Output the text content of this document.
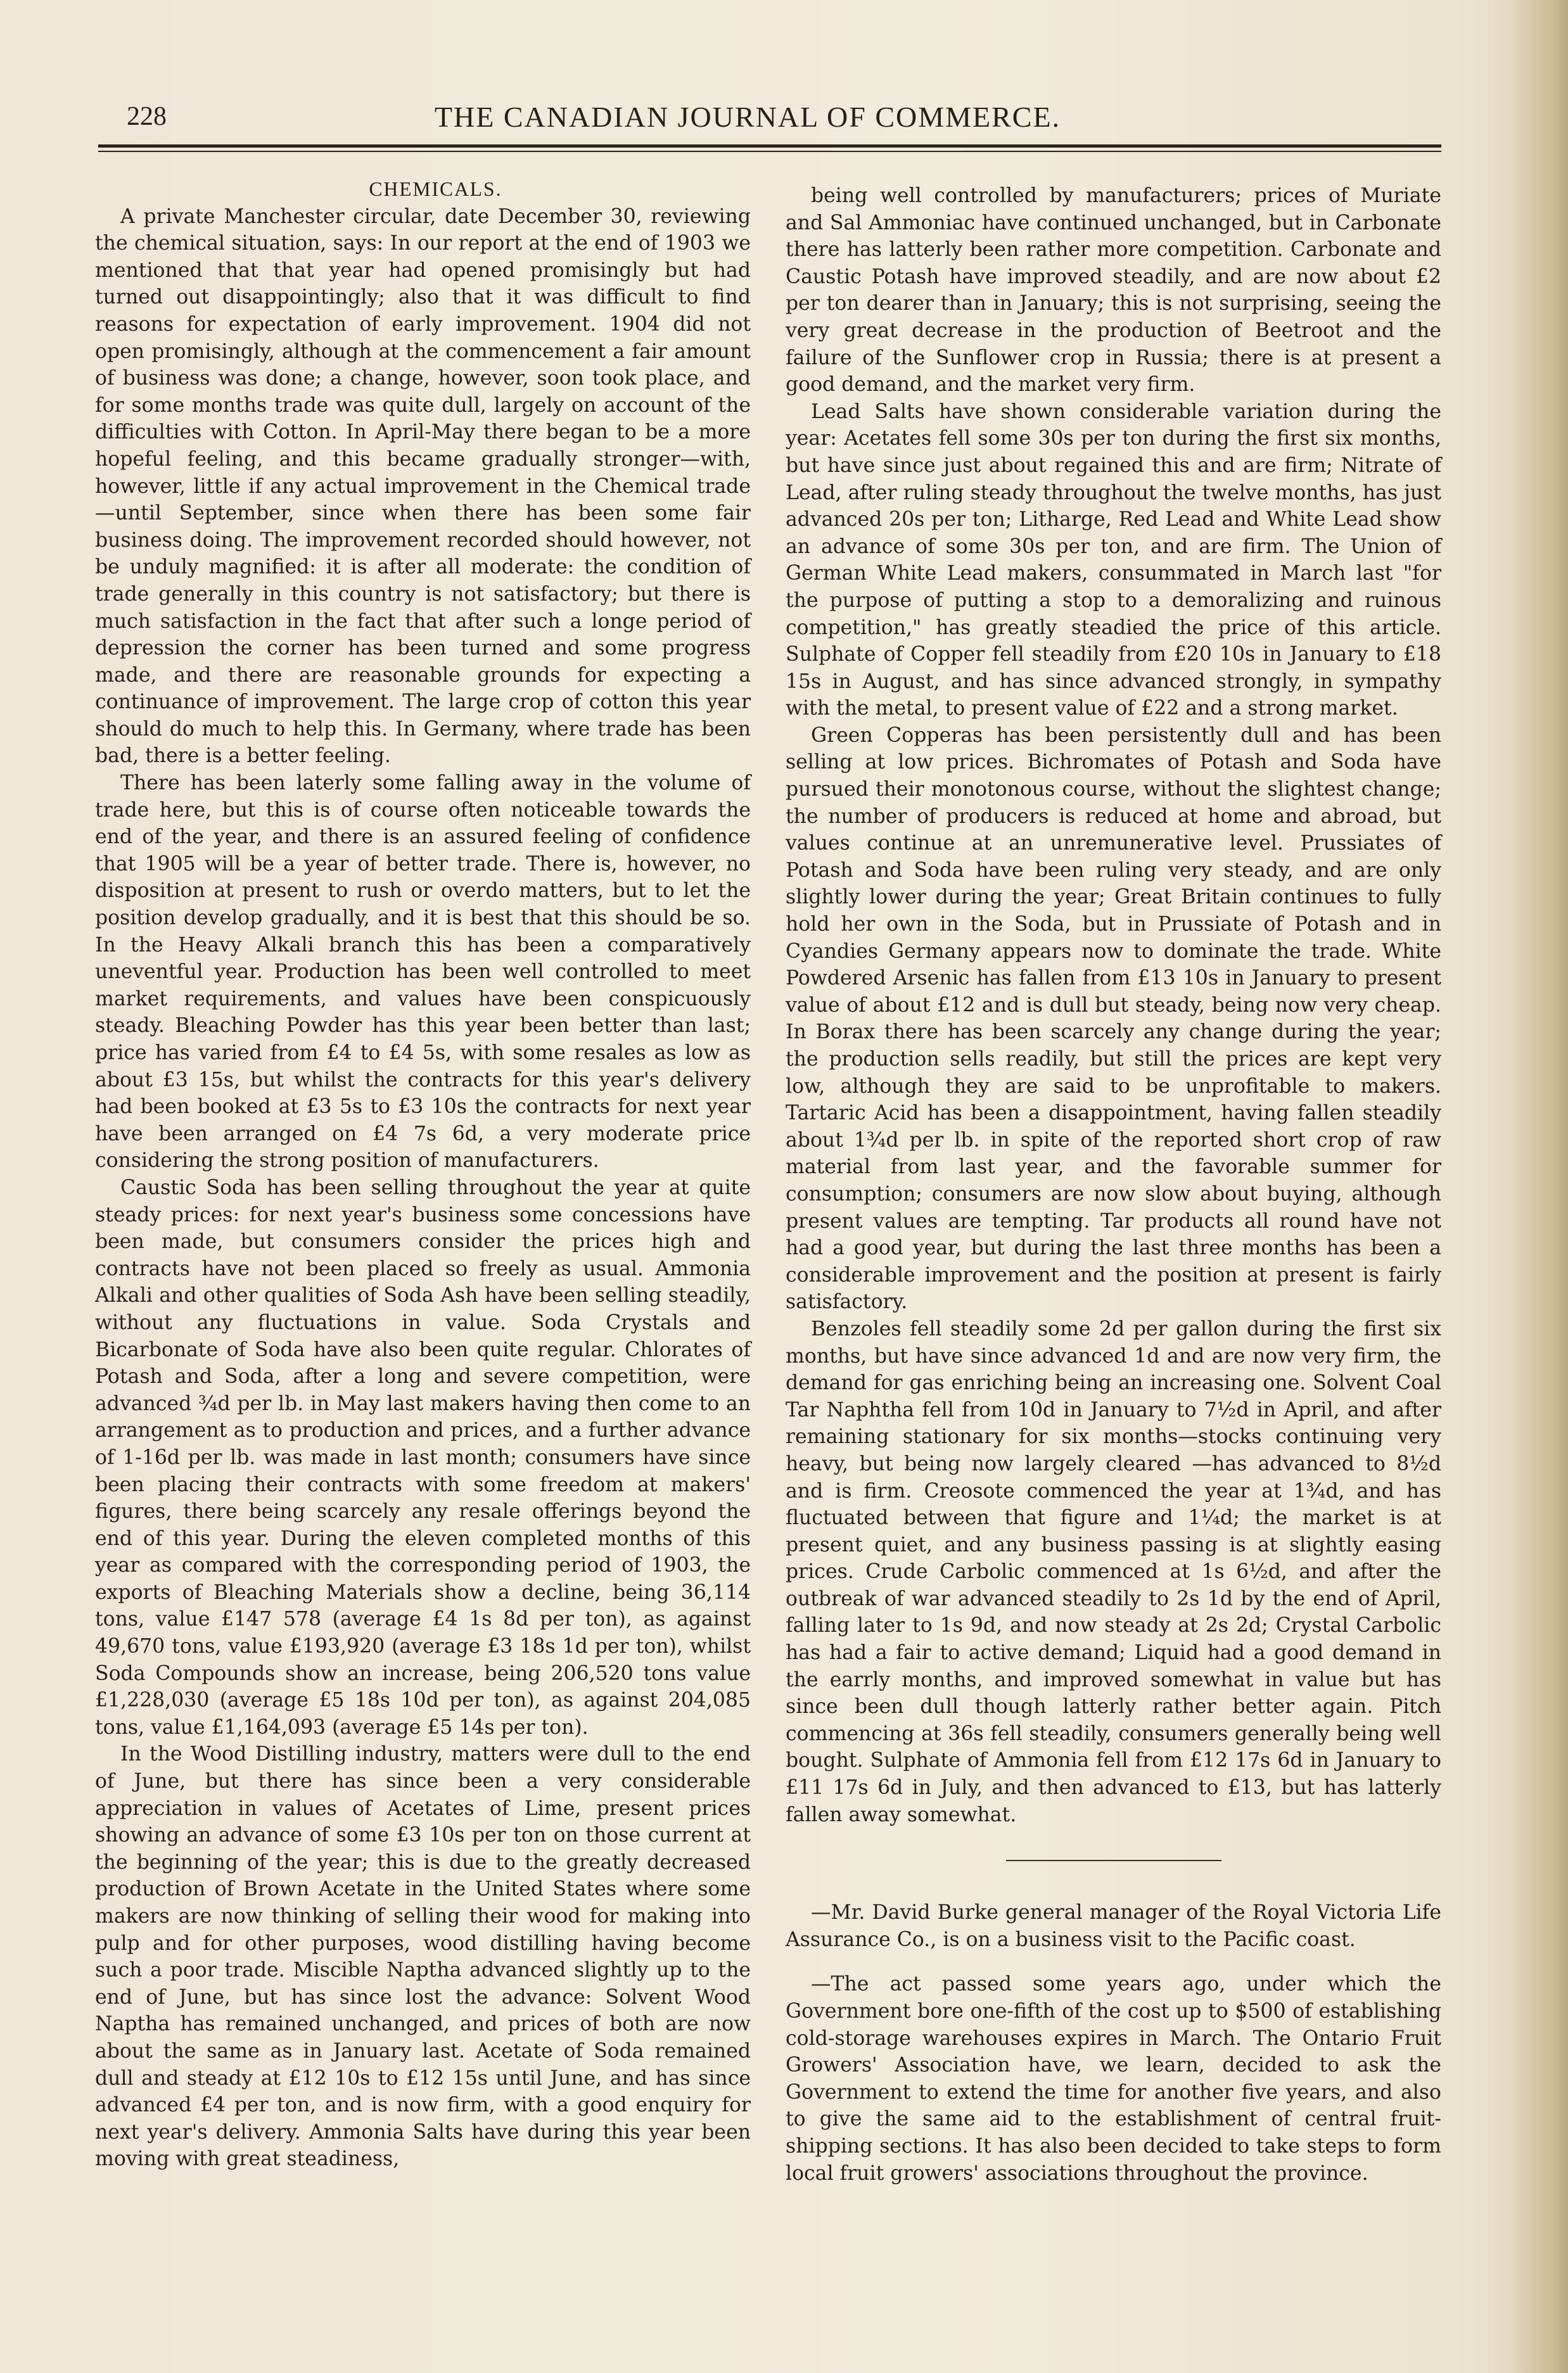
228	THE CANADIAN JOURNAL OF COMMERCE.

CHEMICALS.

A private Manchester circular, date December 30, reviewing the chemical situation, says: In our report at the end of 1903 we mentioned that that year had opened promisingly but had turned out disappointingly; also that it was difficult to find reasons for expectation of early improvement. 1904 did not open promisingly, although at the commencement a fair amount of business was done; a change, however, soon took place, and for some months trade was quite dull, largely on account of the difficulties with Cotton. In April-May there began to be a more hopeful feeling, and this became gradually stronger—with, however, little if any actual improvement in the Chemical trade—until September, since when there has been some fair business doing. The improvement recorded should however, not be unduly magnified: it is after all moderate: the condition of trade generally in this country is not satisfactory; but there is much satisfaction in the fact that after such a longe period of depression the corner has been turned and some progress made, and there are reasonable grounds for expecting a continuance of improvement. The large crop of cotton this year should do much to help this. In Germany, where trade has been bad, there is a better feeling.

There has been laterly some falling away in the volume of trade here, but this is of course often noticeable towards the end of the year, and there is an assured feeling of confidence that 1905 will be a year of better trade. There is, however, no disposition at present to rush or overdo matters, but to let the position develop gradually, and it is best that this should be so. In the Heavy Alkali branch this has been a comparatively uneventful year. Production has been well controlled to meet market requirements, and values have been conspicuously steady. Bleaching Powder has this year been better than last; price has varied from £4 to £4 5s, with some resales as low as about £3 15s, but whilst the contracts for this year's delivery had been booked at £3 5s to £3 10s the contracts for next year have been arranged on £4 7s 6d, a very moderate price considering the strong position of manufacturers.

Caustic Soda has been selling throughout the year at quite steady prices: for next year's business some concessions have been made, but consumers consider the prices high and contracts have not been placed so freely as usual. Ammonia Alkali and other qualities of Soda Ash have been selling steadily, without any fluctuations in value. Soda Crystals and Bicarbonate of Soda have also been quite regular. Chlorates of Potash and Soda, after a long and severe competition, were advanced ¾d per lb. in May last makers having then come to an arrangement as to production and prices, and a further advance of 1-16d per lb. was made in last month; consumers have since been placing their contracts with some freedom at makers' figures, there being scarcely any resale offerings beyond the end of this year. During the eleven completed months of this year as compared with the corresponding period of 1903, the exports of Bleaching Materials show a decline, being 36,114 tons, value £147 578 (average £4 1s 8d per ton), as against 49,670 tons, value £193,920 (average £3 18s 1d per ton), whilst Soda Compounds show an increase, being 206,520 tons value £1,228,030 (average £5 18s 10d per ton), as against 204,085 tons, value £1,164,093 (average £5 14s per ton).

In the Wood Distilling industry, matters were dull to the end of June, but there has since been a very considerable appreciation in values of Acetates of Lime, present prices showing an advance of some £3 10s per ton on those current at the beginning of the year; this is due to the greatly decreased production of Brown Acetate in the United States where some makers are now thinking of selling their wood for making into pulp and for other purposes, wood distilling having become such a poor trade. Miscible Naptha advanced slightly up to the end of June, but has since lost the advance: Solvent Wood Naptha has remained unchanged, and prices of both are now about the same as in January last. Acetate of Soda remained dull and steady at £12 10s to £12 15s until June, and has since advanced £4 per ton, and is now firm, with a good enquiry for next year's delivery. Ammonia Salts have during this year been moving with great steadiness,

being well controlled by manufacturers; prices of Muriate and Sal Ammoniac have continued unchanged, but in Carbonate there has latterly been rather more competition. Carbonate and Caustic Potash have improved steadily, and are now about £2 per ton dearer than in January; this is not surprising, seeing the very great decrease in the production of Beetroot and the failure of the Sunflower crop in Russia; there is at present a good demand, and the market very firm.

Lead Salts have shown considerable variation during the year: Acetates fell some 30s per ton during the first six months, but have since just about regained this and are firm; Nitrate of Lead, after ruling steady throughout the twelve months, has just advanced 20s per ton; Litharge, Red Lead and White Lead show an advance of some 30s per ton, and are firm. The Union of German White Lead makers, consummated in March last "for the purpose of putting a stop to a demoralizing and ruinous competition," has greatly steadied the price of this article. Sulphate of Copper fell steadily from £20 10s in January to £18 15s in August, and has since advanced strongly, in sympathy with the metal, to present value of £22 and a strong market.

Green Copperas has been persistently dull and has been selling at low prices. Bichromates of Potash and Soda have pursued their monotonous course, without the slightest change; the number of producers is reduced at home and abroad, but values continue at an unremunerative level. Prussiates of Potash and Soda have been ruling very steady, and are only slightly lower during the year; Great Britain continues to fully hold her own in the Soda, but in Prussiate of Potash and in Cyandies Germany appears now to dominate the trade. White Powdered Arsenic has fallen from £13 10s in January to present value of about £12 and is dull but steady, being now very cheap. In Borax there has been scarcely any change during the year; the production sells readily, but still the prices are kept very low, although they are said to be unprofitable to makers. Tartaric Acid has been a disappointment, having fallen steadily about 1¾d per lb. in spite of the reported short crop of raw material from last year, and the favorable summer for consumption; consumers are now slow about buying, although present values are tempting. Tar products all round have not had a good year, but during the last three months has been a considerable improvement and the position at present is fairly satisfactory.

Benzoles fell steadily some 2d per gallon during the first six months, but have since advanced 1d and are now very firm, the demand for gas enriching being an increasing one. Solvent Coal Tar Naphtha fell from 10d in January to 7½d in April, and after remaining stationary for six months—stocks continuing very heavy, but being now largely cleared —has advanced to 8½d and is firm. Creosote commenced the year at 1¾d, and has fluctuated between that figure and 1¼d; the market is at present quiet, and any business passing is at slightly easing prices. Crude Carbolic commenced at 1s 6½d, and after the outbreak of war advanced steadily to 2s 1d by the end of April, falling later to 1s 9d, and now steady at 2s 2d; Crystal Carbolic has had a fair to active demand; Liquid had a good demand in the earrly months, and improved somewhat in value but has since been dull though latterly rather better again. Pitch commencing at 36s fell steadily, consumers generally being well bought. Sulphate of Ammonia fell from £12 17s 6d in January to £11 17s 6d in July, and then advanced to £13, but has latterly fallen away somewhat.

—Mr. David Burke general manager of the Royal Victoria Life Assurance Co., is on a business visit to the Pacific coast.

—The act passed some years ago, under which the Government bore one-fifth of the cost up to $500 of establishing cold-storage warehouses expires in March. The Ontario Fruit Growers' Association have, we learn, decided to ask the Government to extend the time for another five years, and also to give the same aid to the establishment of central fruit-shipping sections. It has also been decided to take steps to form local fruit growers' associations throughout the province.
